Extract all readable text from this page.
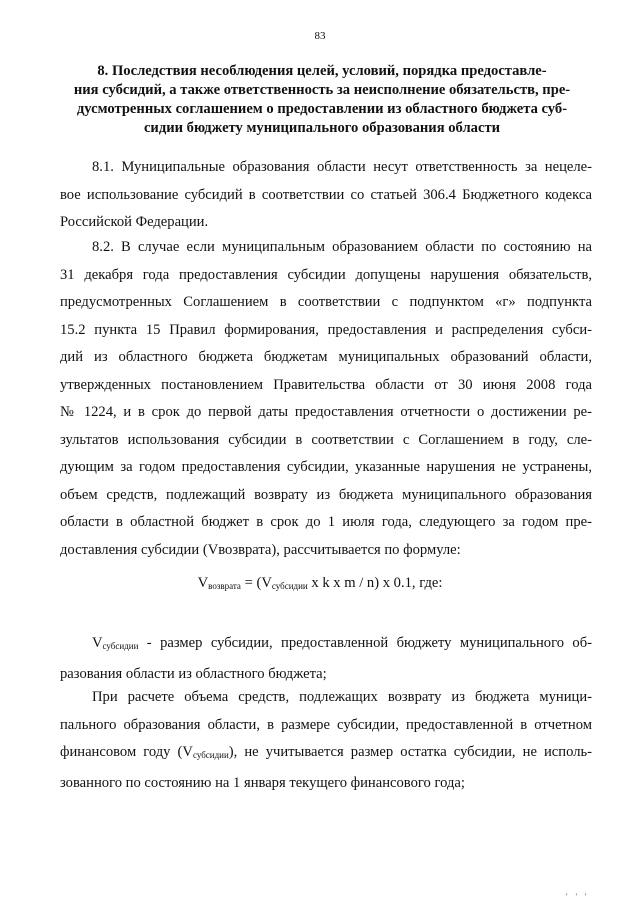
83
8. Последствия несоблюдения целей, условий, порядка предоставле-
ния субсидий, а также ответственность за неисполнение обязательств, пре-
дусмотренных соглашением о предоставлении из областного бюджета суб-
сидии бюджету муниципального образования области
8.1. Муниципальные образования области несут ответственность за нецеле-
вое использование субсидий в соответствии со статьей 306.4 Бюджетного кодекса
Российской Федерации.
8.2. В случае если муниципальным образованием области по состоянию на
31 декабря года предоставления субсидии допущены нарушения обязательств,
предусмотренных Соглашением в соответствии с подпунктом «г» подпункта
15.2 пункта 15 Правил формирования, предоставления и распределения субси-
дий из областного бюджета бюджетам муниципальных образований области,
утвержденных постановлением Правительства области от 30 июня 2008 года
№ 1224, и в срок до первой даты предоставления отчетности о достижении ре-
зультатов использования субсидии в соответствии с Соглашением в году, сле-
дующим за годом предоставления субсидии, указанные нарушения не устранены,
объем средств, подлежащий возврату из бюджета муниципального образования
области в областной бюджет в срок до 1 июля года, следующего за годом пре-
доставления субсидии (Vвозврата), рассчитывается по формуле:
$V_{возврата} = (V_{субсидии}$ x k x m / n) x 0.1, где:
$V_{субсидии}$ - размер субсидии, предоставленной бюджету муниципального об-
разования области из областного бюджета;
При расчете объема средств, подлежащих возврату из бюджета муници-
пального образования области, в размере субсидии, предоставленной в отчетном
финансовом году $(V_{субсидии})$, не учитывается размер остатка субсидии, не исполь-
зованного по состоянию на 1 января текущего финансового года;
' ' '
